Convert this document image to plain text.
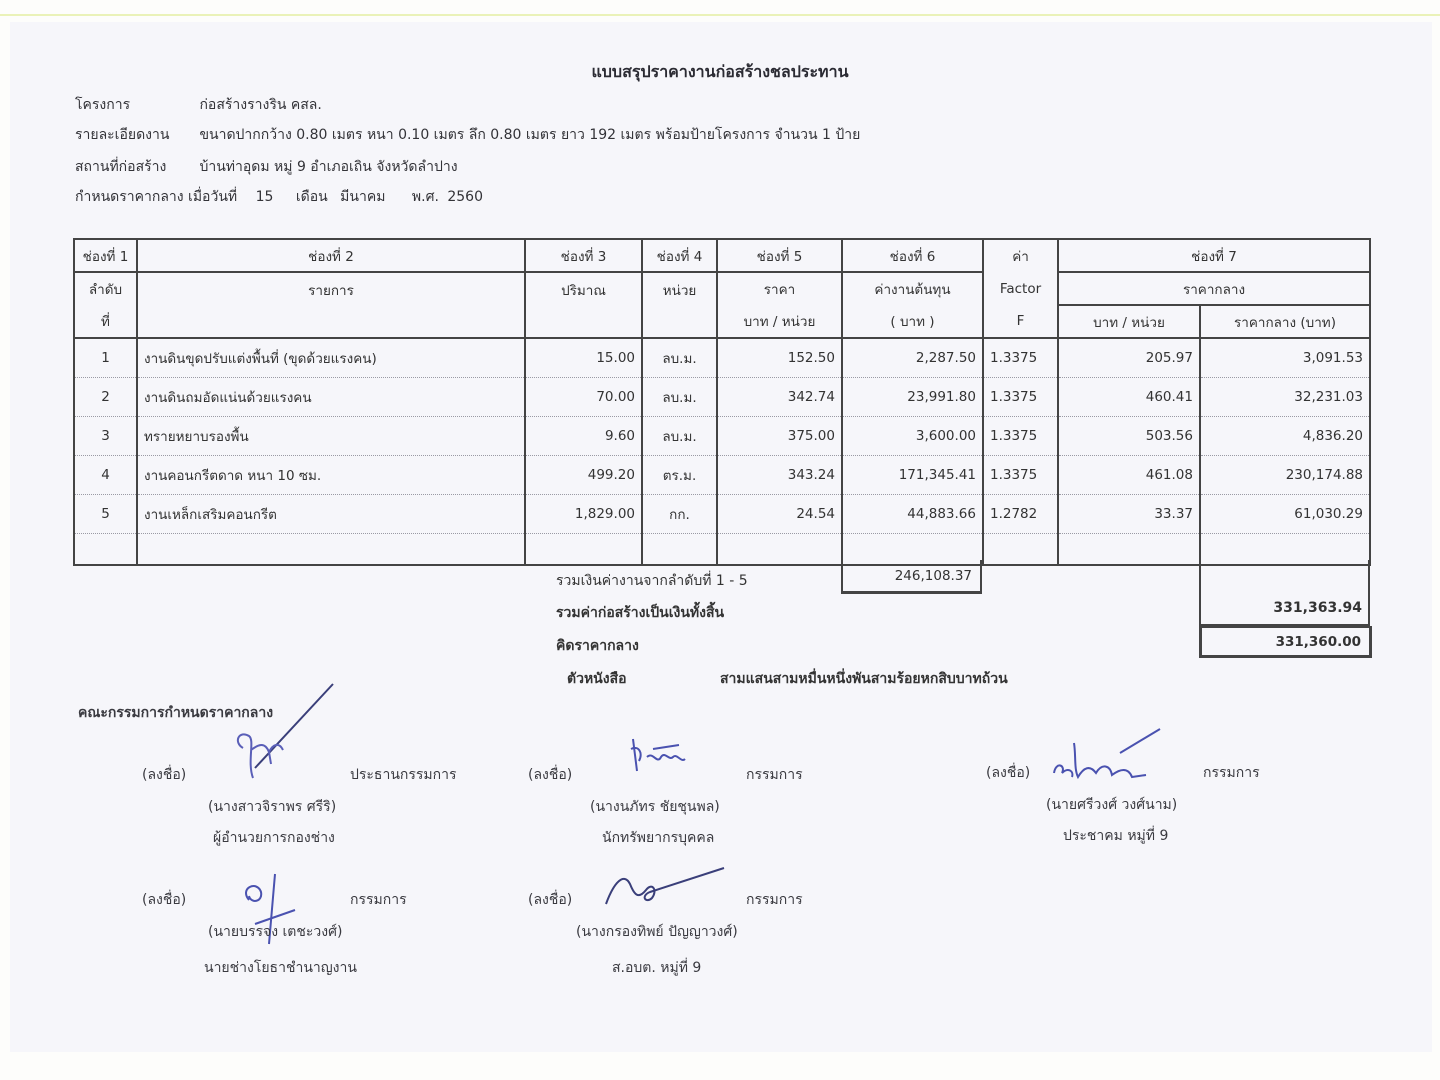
แบบสรุปราคางานก่อสร้างชลประทาน
โครงการ	ก่อสร้างรางริน คสล.
รายละเอียดงาน ขนาดปากกว้าง 0.80 เมตร หนา 0.10 เมตร ลึก 0.80 เมตร ยาว 192 เมตร พร้อมป้ายโครงการ จำนวน 1 ป้าย
สถานที่ก่อสร้าง บ้านท่าอุดม หมู่ 9 อำเภอเถิน จังหวัดลำปาง
กำหนดราคากลาง เมื่อวันที่ 15 เดือน มีนาคม พ.ศ. 2560
ช่องที่ 1	ช่องที่ 2	ช่องที่ 3	ช่องที่ 4	ช่องที่ 5	ช่องที่ 6	ค่า	ช่องที่ 7	
ลำดับ	รายการ	ปริมาณ	หน่วย	ราคา	ค่างานต้นทุน	Factor	ราคากลาง	
ที่				บาท / หน่วย	( บาท )	F	บาท / หน่วย	ราคากลาง (บาท)
1	งานดินขุดปรับแต่งพื้นที่ (ขุดด้วยแรงคน)	15.00	ลบ.ม.	152.50	2,287.50	1.3375	205.97	3,091.53
2	งานดินถมอัดแน่นด้วยแรงคน	70.00	ลบ.ม.	342.74	23,991.80	1.3375	460.41	32,231.03
3	ทรายหยาบรองพื้น	9.60	ลบ.ม.	375.00	3,600.00	1.3375	503.56	4,836.20
4	งานคอนกรีตดาด หนา 10 ซม.	499.20	ตร.ม.	343.24	171,345.41	1.3375	461.08	230,174.88
5	งานเหล็กเสริมคอนกรีต	1,829.00	กก.	24.54	44,883.66	1.2782	33.37	61,030.29

รวมเงินค่างานจากลำดับที่ 1 - 5	246,108.37
รวมค่าก่อสร้างเป็นเงินทั้งสิ้น	331,363.94
คิดราคากลาง	331,360.00
ตัวหนังสือ	สามแสนสามหมื่นหนึ่งพันสามร้อยหกสิบบาทถ้วน
คณะกรรมการกำหนดราคากลาง
(ลงชื่อ)	ประธานกรรมการ
(นางสาวจิราพร ศรีริ)
ผู้อำนวยการกองช่าง
(ลงชื่อ)	กรรมการ
(นางนภัทร ชัยชุนพล)
นักทรัพยากรบุคคล
(ลงชื่อ)	กรรมการ
(นายศรีวงศ์ วงศ์นาม)
ประชาคม หมู่ที่ 9
(ลงชื่อ)	กรรมการ
(นายบรรจง เตชะวงศ์)
นายช่างโยธาชำนาญงาน
(ลงชื่อ)	กรรมการ
(นางกรองทิพย์ ปัญญาวงศ์)
ส.อบต. หมู่ที่ 9
